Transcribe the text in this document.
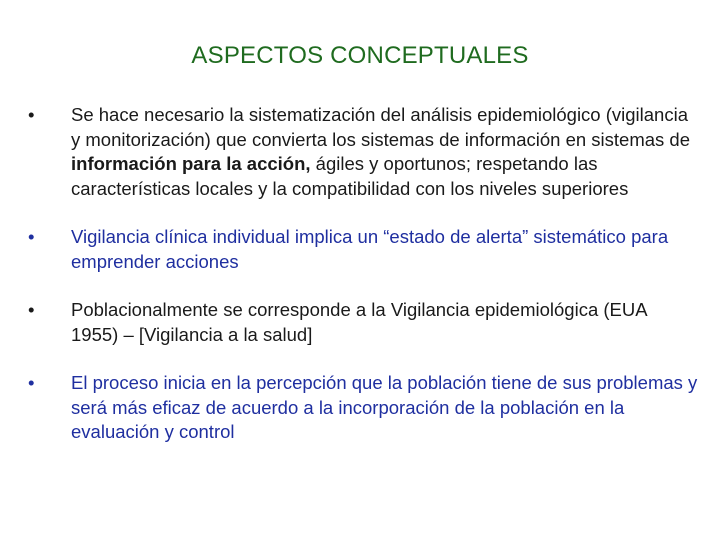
ASPECTOS CONCEPTUALES
•	Se hace necesario la sistematización del análisis epidemiológico (vigilancia y monitorización) que convierta los sistemas de información en sistemas de información para la acción, ágiles y oportunos; respetando las características locales y la compatibilidad con los niveles superiores
•	Vigilancia clínica individual implica un “estado de alerta” sistemático para emprender acciones
•	Poblacionalmente se corresponde a la Vigilancia epidemiológica (EUA 1955) – [Vigilancia a la salud]
•	El proceso inicia en la percepción que la población tiene de sus problemas y será más eficaz de acuerdo a la incorporación de la población en la evaluación y control
